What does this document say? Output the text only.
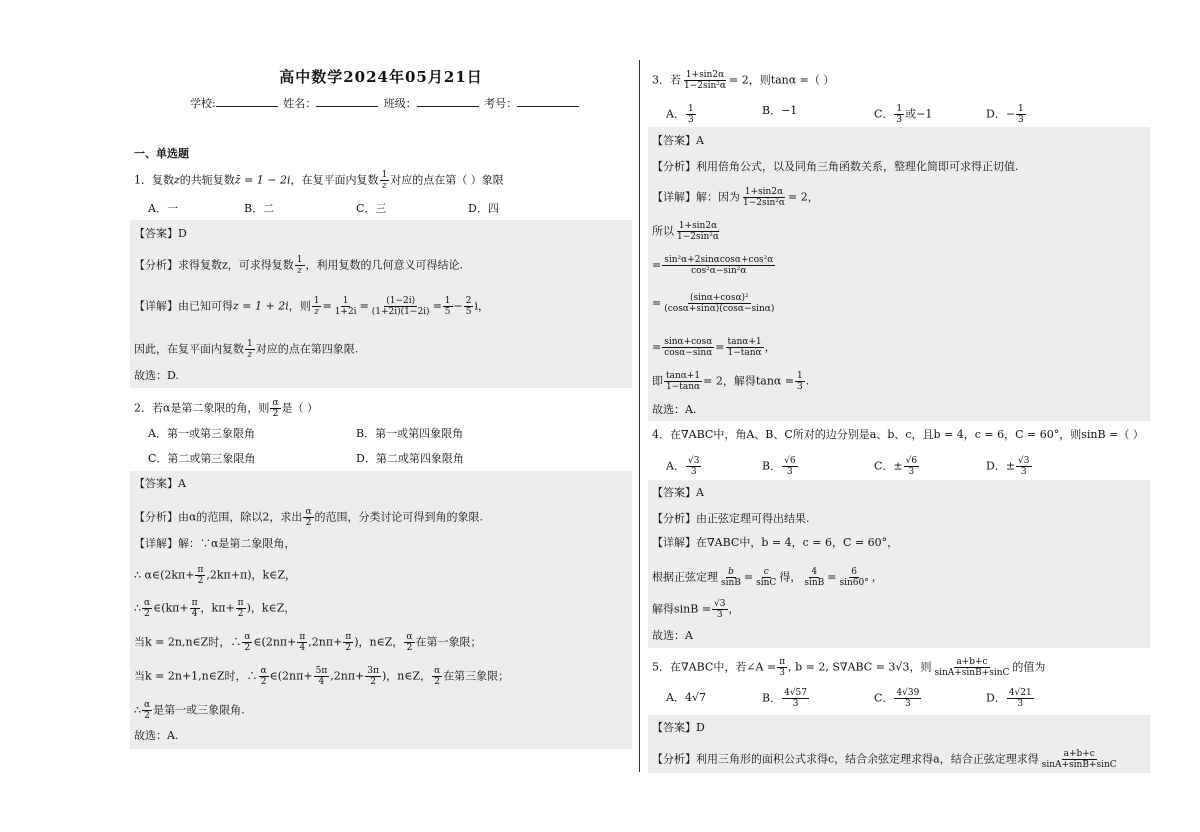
高中数学2024年05月21日
学校:	姓名：	班级：	考号：
一、单选题
1．复数z的共轭复数z̄ = 1 − 2i，在复平面内复数 $\frac{1}{z}$ 对应的点在第（ ）象限
A．一	B．二	C．三	D．四
【答案】D
【分析】求得复数z，可求得复数 $\frac{1}{z}$ ，利用复数的几何意义可得结论.
【详解】由已知可得z = 1 + 2i，则 $\frac{1}{z} = \frac{1}{1+2i} = \frac{(1-2i)}{(1+2i)(1-2i)} = \frac{1}{5} - \frac{2}{5}$ i，
因此，在复平面内复数 $\frac{1}{z}$ 对应的点在第四象限.
故选：D.
2．若α是第二象限的角，则 $\frac{\alpha}{2}$ 是（ ）
A．第一或第三象限角	B．第一或第四象限角
C．第二或第三象限角	D．第二或第四象限角
【答案】A
【分析】由α的范围，除以2，求出 $\frac{\alpha}{2}$ 的范围，分类讨论可得到角的象限.
【详解】解：∵α是第二象限角，
∴ α∈(2kπ+ $\frac{\pi}{2} ,2k\pi+\pi$)，k∈Z，
∴ $\frac{\alpha}{2}$ ∈(kπ+ $\frac{\pi}{4}$ ，$k\pi+ \frac{\pi}{2}$ )，k∈Z，
当k = 2n,n∈Z时，∴ $\frac{\alpha}{2}$ ∈(2nπ+ $\frac{\pi}{4} ,2n\pi+ \frac{\pi}{2}$ )，n∈Z， $\frac{\alpha}{2}$ 在第一象限；
当k = 2n+1,n∈Z时，∴ $\frac{\alpha}{2}$ ∈(2nπ+ $\frac{5\pi}{4} ,2n\pi+ \frac{3\pi}{2}$ )，n∈Z， $\frac{\alpha}{2}$ 在第三象限；
∴ $\frac{\alpha}{2}$ 是第一或三象限角.
故选：A.
3．若 $\frac{1+\sin 2\alpha}{\text{1−2sin²α}} = 2$，则tanα =（ ）
A． $\frac{1}{3}$	B．−1	C． $\frac{1}{3}$ 或−1	D．− $\frac{1}{3}$
【答案】A
【分析】利用倍角公式，以及同角三角函数关系，整理化简即可求得正切值.
【详解】解：因为 $\frac{1+\sin 2\alpha}{\text{1−2sin²α}} = 2$，
所以 $\frac{1+\sin 2\alpha}{\text{1−2sin²α}}$
= $\frac{\text{sin²α+2sinαcosα+cos²α}}{\text{cos²α−sin²α}}$
= $\frac{\text{(sinα+cosα)²}}{(\cos\alpha+\sin\alpha)(\cos\alpha-\sin\alpha)}$
= $\frac{\sin\alpha+\cos\alpha}{\cos\alpha-\sin\alpha} = \frac{\tan\alpha+1}{1-\tan\alpha}$ ，
即 $\frac{\tan\alpha+1}{1-\tan\alpha} = 2$，解得$\tan\alpha = \frac{1}{3}$ .
故选：A.
4．在∇ABC中，角A、B、C所对的边分别是a、b、c，且b = 4，c = 6，C = 60°，则sinB =（ ）
A． $\frac{√3}{3}$	B． $\frac{√6}{3}$	C．± $\frac{√6}{3}$	D．± $\frac{√3}{3}$
【答案】A
【分析】由正弦定理可得出结果.
【详解】在∇ABC中，b = 4，c = 6，C = 60°，
根据正弦定理 $\frac{b}{\sin B} = \frac{c}{\sin C}$ 得， $\frac{4}{\sin B} = \frac{6}{\sin 60^\circ}$ ，
解得$\sin B = \frac{√3}{3}$ ，
故选：A
5．在∇ABC中，若∠A = $\frac{\pi}{3}$ , b = 2, S∇ABC = 3√3，则 $\frac{a+b+c}{\sin A+\sin B+\sin C}$ 的值为
A．4√7	B． $\frac{4√57}{3}$	C． $\frac{4√39}{3}$	D． $\frac{4√21}{3}$
【答案】D
【分析】利用三角形的面积公式求得c，结合余弦定理求得a，结合正弦定理求得 $\frac{a+b+c}{\sin A+\sin B+\sin C}$
